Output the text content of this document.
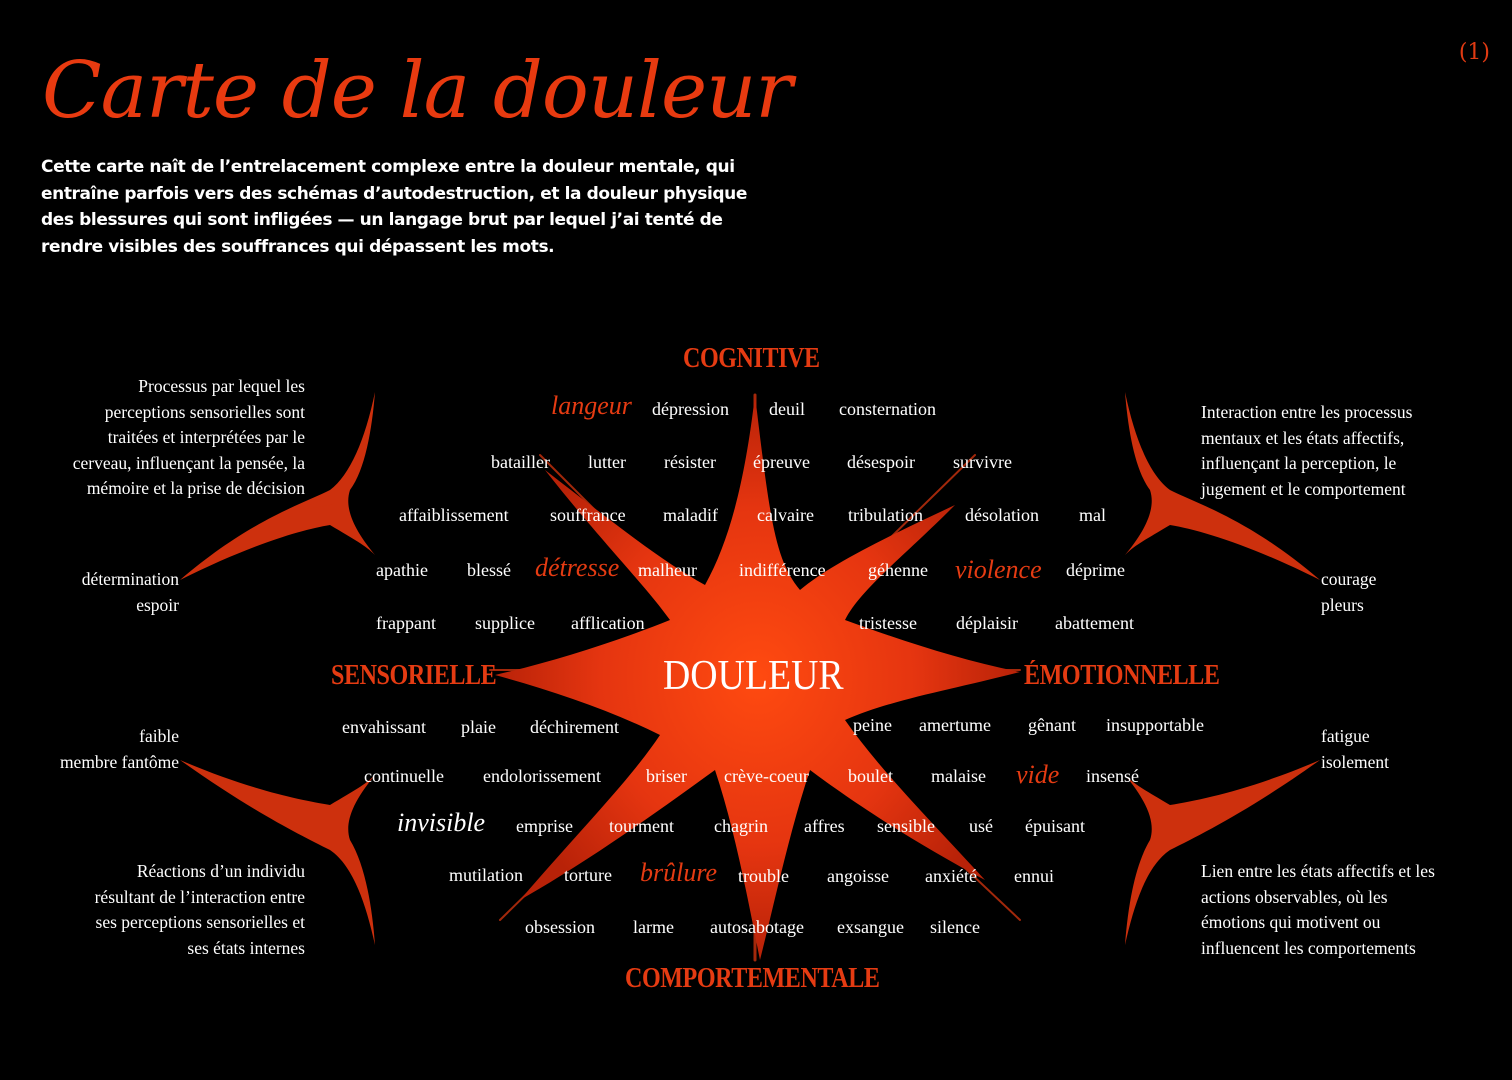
(1)
Carte de la douleur
Cette carte naît de l’entrelacement complexe entre la douleur mentale, qui entraîne parfois vers des schémas d’autodestruction, et la douleur physique des blessures qui sont infligées — un langage brut par lequel j’ai tenté de rendre visibles des souffrances qui dépassent les mots.
COGNITIVE
SENSORIELLE	ÉMOTIONNELLE
COMPORTEMENTALE
DOULEUR
Processus par lequel les
perceptions sensorielles sont
traitées et interprétées par le
cerveau, influençant la pensée, la
mémoire et la prise de décision
Interaction entre les processus
mentaux et les états affectifs,
influençant la perception, le
jugement et le comportement
Réactions d’un individu
résultant de l’interaction entre
ses perceptions sensorielles et
ses états internes
Lien entre les états affectifs et les
actions observables, où les
émotions qui motivent ou
influencent les comportements
détermination
espoir
faible
membre fantôme
courage
pleurs
fatigue
isolement
langeur dépression deuil consternation
batailler lutter résister épreuve désespoir survivre
affaiblissement souffrance maladif calvaire tribulation désolation mal
apathie blessé détresse malheur indifférence géhenne violence déprime
frappant supplice afflication	tristesse déplaisir abattement
envahissant plaie déchirement	peine amertume gênant insupportable
continuelle endolorissement	briser crève-coeur boulet malaise vide insensé
invisible emprise tourment chagrin affres sensible usé épuisant
mutilation torture brûlure trouble angoisse anxiété ennui
obsession larme autosabotage exsangue silence
